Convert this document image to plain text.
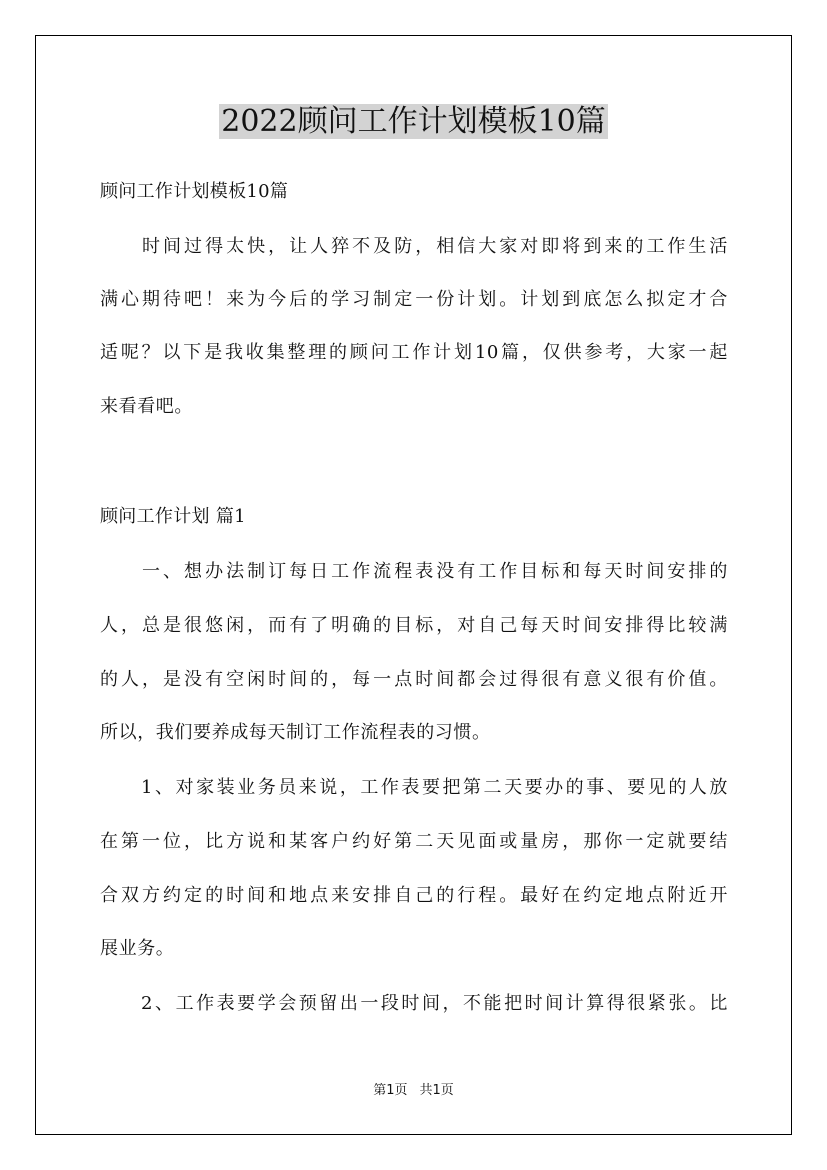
2022顾问工作计划模板10篇
顾问工作计划模板10篇
　　时间过得太快，让人猝不及防，相信大家对即将到来的工作生活
满心期待吧！来为今后的学习制定一份计划。计划到底怎么拟定才合
适呢？以下是我收集整理的顾问工作计划10篇，仅供参考，大家一起
来看看吧。
顾问工作计划 篇1
　　一、想办法制订每日工作流程表没有工作目标和每天时间安排的
人，总是很悠闲，而有了明确的目标，对自己每天时间安排得比较满
的人，是没有空闲时间的，每一点时间都会过得很有意义很有价值。
所以，我们要养成每天制订工作流程表的习惯。
　　1、对家装业务员来说，工作表要把第二天要办的事、要见的人放
在第一位，比方说和某客户约好第二天见面或量房，那你一定就要结
合双方约定的时间和地点来安排自己的行程。最好在约定地点附近开
展业务。
　　2、工作表要学会预留出一段时间，不能把时间计算得很紧张。比
第1页 共1页
